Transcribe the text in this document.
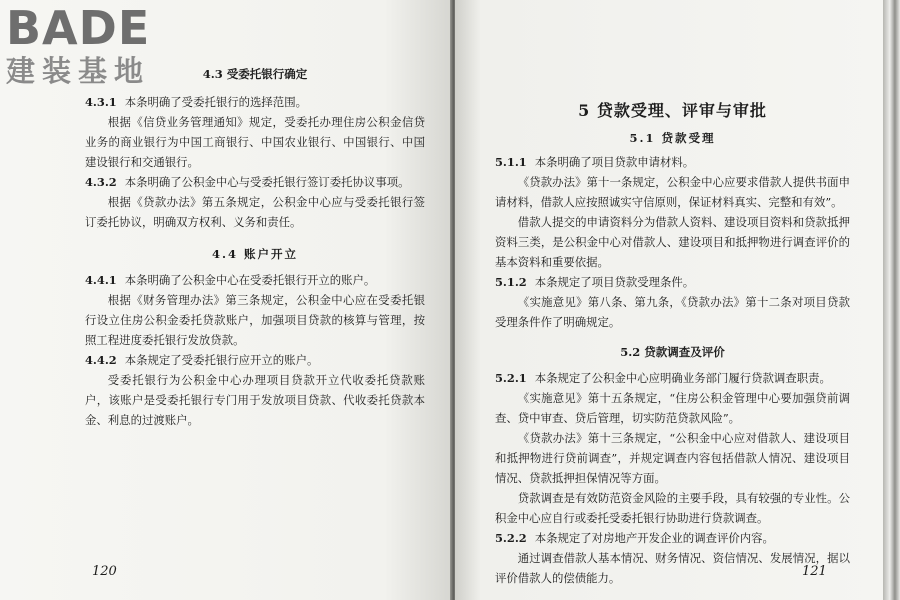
BADE
建装基地	4.3 受委托银行确定
4.3.1 本条明确了受委托银行的选择范围。
根据《信贷业务管理通知》规定，受委托办理住房公积金信贷业务的商业银行为中国工商银行、中国农业银行、中国银行、中国建设银行和交通银行。
4.3.2 本条明确了公积金中心与受委托银行签订委托协议事项。
根据《贷款办法》第五条规定，公积金中心应与受委托银行签订委托协议，明确双方权利、义务和责任。
4.4 账户开立
4.4.1 本条明确了公积金中心在受委托银行开立的账户。
根据《财务管理办法》第三条规定，公积金中心应在受委托银行设立住房公积金委托贷款账户，加强项目贷款的核算与管理，按照工程进度委托银行发放贷款。
4.4.2 本条规定了受委托银行应开立的账户。
受委托银行为公积金中心办理项目贷款开立代收委托贷款账户，该账户是受委托银行专门用于发放项目贷款、代收委托贷款本金、利息的过渡账户。
120
5 贷款受理、评审与审批
5.1 贷款受理
5.1.1 本条明确了项目贷款申请材料。
《贷款办法》第十一条规定，公积金中心应要求借款人提供书面申请材料，借款人应按照诚实守信原则，保证材料真实、完整和有效”。
借款人提交的申请资料分为借款人资料、建设项目资料和贷款抵押资料三类，是公积金中心对借款人、建设项目和抵押物进行调查评价的基本资料和重要依据。
5.1.2 本条规定了项目贷款受理条件。
《实施意见》第八条、第九条，《贷款办法》第十二条对项目贷款受理条件作了明确规定。
5.2 贷款调查及评价
5.2.1 本条规定了公积金中心应明确业务部门履行贷款调查职责。
《实施意见》第十五条规定，“住房公积金管理中心要加强贷前调查、贷中审查、贷后管理，切实防范贷款风险”。
《贷款办法》第十三条规定，“公积金中心应对借款人、建设项目和抵押物进行贷前调查”，并规定调查内容包括借款人情况、建设项目情况、贷款抵押担保情况等方面。
贷款调查是有效防范资金风险的主要手段，具有较强的专业性。公积金中心应自行或委托受委托银行协助进行贷款调查。
5.2.2 本条规定了对房地产开发企业的调查评价内容。
通过调查借款人基本情况、财务情况、资信情况、发展情况，据以评价借款人的偿债能力。	121
